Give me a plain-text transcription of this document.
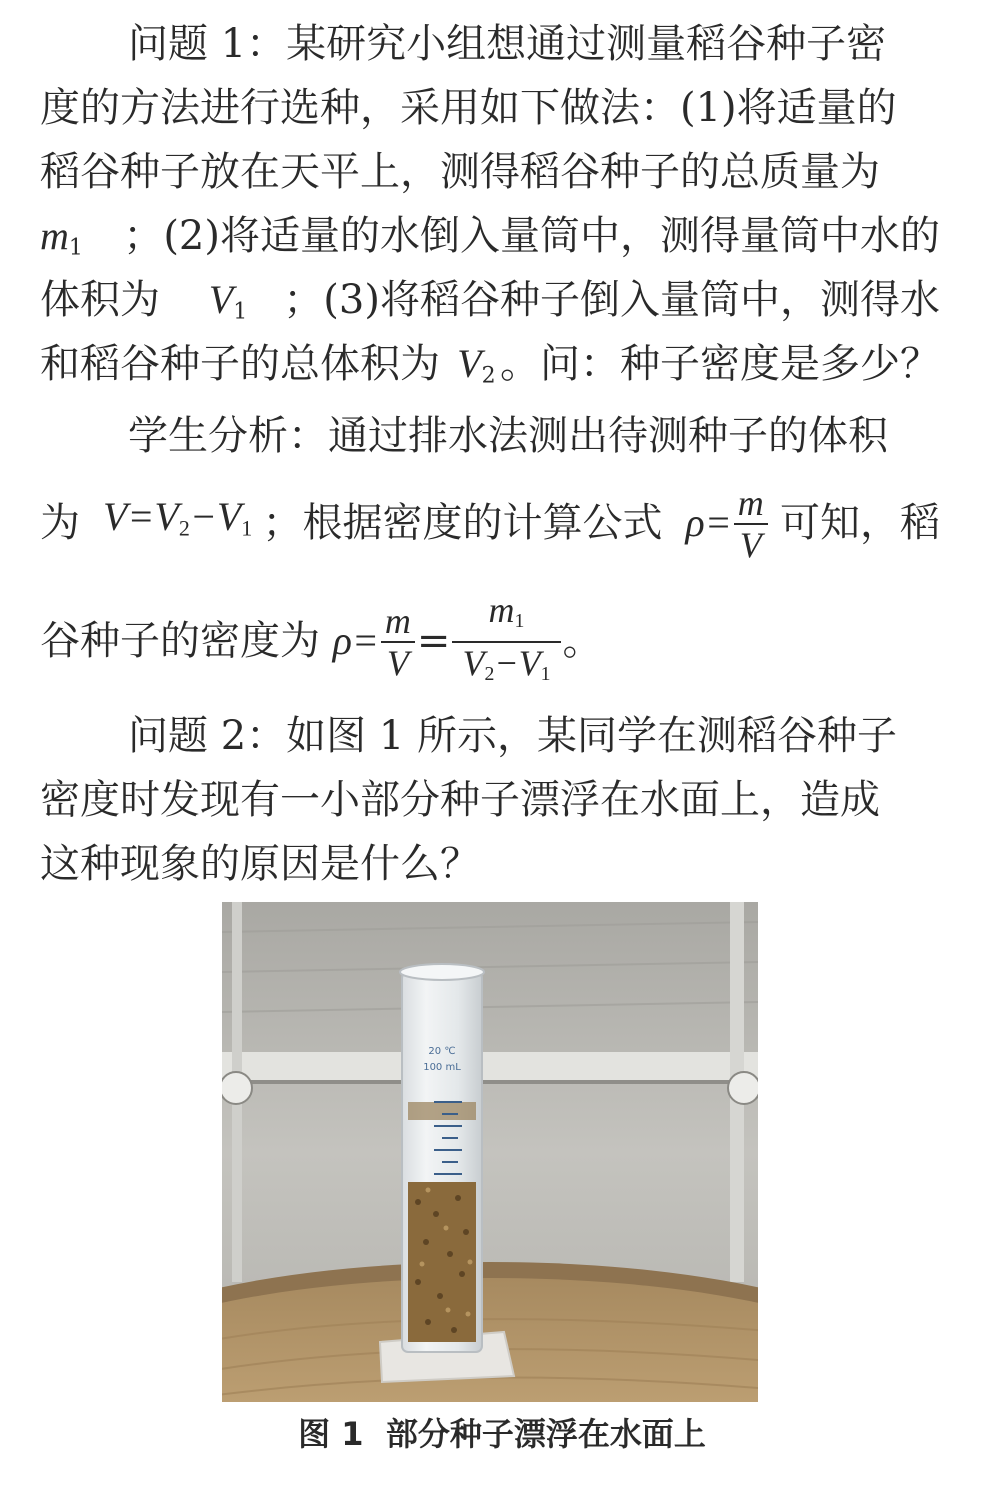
问题 1：某研究小组想通过测量稻谷种子密
度的方法进行选种，采用如下做法：(1)将适量的
稻谷种子放在天平上，测得稻谷种子的总质量为
$m_1$ ；(2)将适量的水倒入量筒中，测得量筒中水的
体积为 $V_1$ ；(3)将稻谷种子倒入量筒中，测得水
和稻谷种子的总体积为 $V_2$ 。问：种子密度是多少？
学生分析：通过排水法测出待测种子的体积
为 $V=V_2-V_1$ ；根据密度的计算公式 $\rho= \frac{m}{V}$ 可知，稻
谷种子的密度为 $\rho= \frac{m}{V} = \frac{m_1}{V_2-V_1}$ 。
问题 2：如图 1 所示，某同学在测稻谷种子
密度时发现有一小部分种子漂浮在水面上，造成
这种现象的原因是什么？
20 ℃
100 mL
图 1  部分种子漂浮在水面上
